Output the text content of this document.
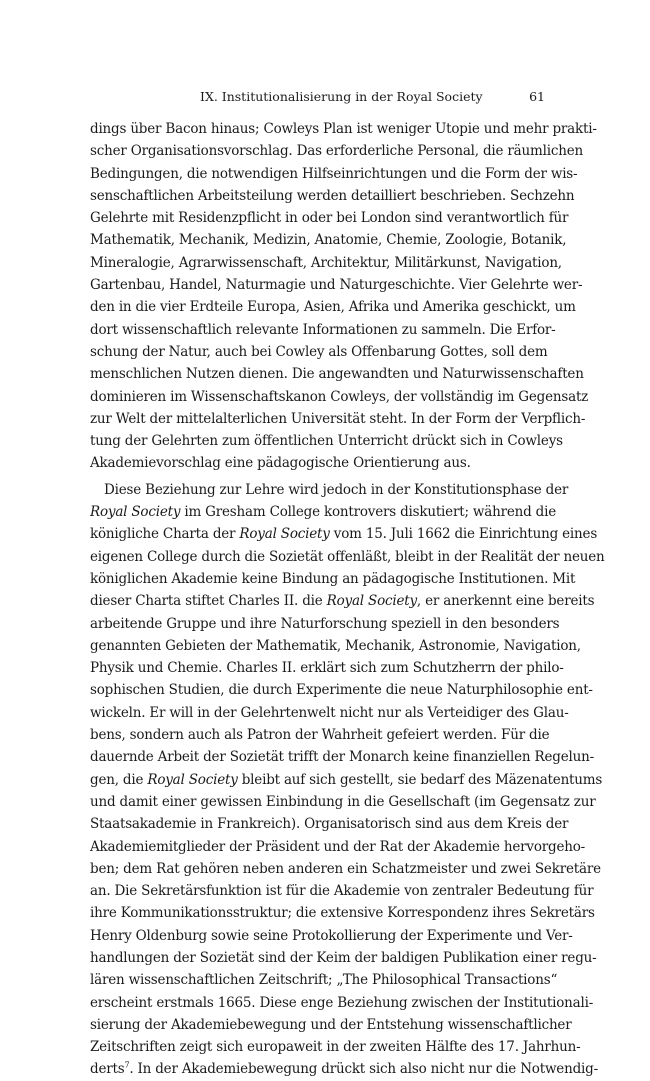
IX. Institutionalisierung in der Royal Society	61
dings über Bacon hinaus; Cowleys Plan ist weniger Utopie und mehr prakti-
scher Organisationsvorschlag. Das erforderliche Personal, die räumlichen
Bedingungen, die notwendigen Hilfseinrichtungen und die Form der wis-
senschaftlichen Arbeitsteilung werden detailliert beschrieben. Sechzehn
Gelehrte mit Residenzpflicht in oder bei London sind verantwortlich für
Mathematik, Mechanik, Medizin, Anatomie, Chemie, Zoologie, Botanik,
Mineralogie, Agrarwissenschaft, Architektur, Militärkunst, Navigation,
Gartenbau, Handel, Naturmagie und Naturgeschichte. Vier Gelehrte wer-
den in die vier Erdteile Europa, Asien, Afrika und Amerika geschickt, um
dort wissenschaftlich relevante Informationen zu sammeln. Die Erfor-
schung der Natur, auch bei Cowley als Offenbarung Gottes, soll dem
menschlichen Nutzen dienen. Die angewandten und Naturwissenschaften
dominieren im Wissenschaftskanon Cowleys, der vollständig im Gegensatz
zur Welt der mittelalterlichen Universität steht. In der Form der Verpflich-
tung der Gelehrten zum öffentlichen Unterricht drückt sich in Cowleys
Akademievorschlag eine pädagogische Orientierung aus.
Diese Beziehung zur Lehre wird jedoch in der Konstitutionsphase der
Royal Society im Gresham College kontrovers diskutiert; während die
königliche Charta der Royal Society vom 15. Juli 1662 die Einrichtung eines
eigenen College durch die Sozietät offenläßt, bleibt in der Realität der neuen
königlichen Akademie keine Bindung an pädagogische Institutionen. Mit
dieser Charta stiftet Charles II. die Royal Society, er anerkennt eine bereits
arbeitende Gruppe und ihre Naturforschung speziell in den besonders
genannten Gebieten der Mathematik, Mechanik, Astronomie, Navigation,
Physik und Chemie. Charles II. erklärt sich zum Schutzherrn der philo-
sophischen Studien, die durch Experimente die neue Naturphilosophie ent-
wickeln. Er will in der Gelehrtenwelt nicht nur als Verteidiger des Glau-
bens, sondern auch als Patron der Wahrheit gefeiert werden. Für die
dauernde Arbeit der Sozietät trifft der Monarch keine finanziellen Regelun-
gen, die Royal Society bleibt auf sich gestellt, sie bedarf des Mäzenatentums
und damit einer gewissen Einbindung in die Gesellschaft (im Gegensatz zur
Staatsakademie in Frankreich). Organisatorisch sind aus dem Kreis der
Akademiemitglieder der Präsident und der Rat der Akademie hervorgeho-
ben; dem Rat gehören neben anderen ein Schatzmeister und zwei Sekretäre
an. Die Sekretärsfunktion ist für die Akademie von zentraler Bedeutung für
ihre Kommunikationsstruktur; die extensive Korrespondenz ihres Sekretärs
Henry Oldenburg sowie seine Protokollierung der Experimente und Ver-
handlungen der Sozietät sind der Keim der baldigen Publikation einer regu-
lären wissenschaftlichen Zeitschrift; „The Philosophical Transactions“
erscheint erstmals 1665. Diese enge Beziehung zwischen der Institutionali-
sierung der Akademiebewegung und der Entstehung wissenschaftlicher
Zeitschriften zeigt sich europaweit in der zweiten Hälfte des 17. Jahrhun-
derts$^7$. In der Akademiebewegung drückt sich also nicht nur die Notwendig-
